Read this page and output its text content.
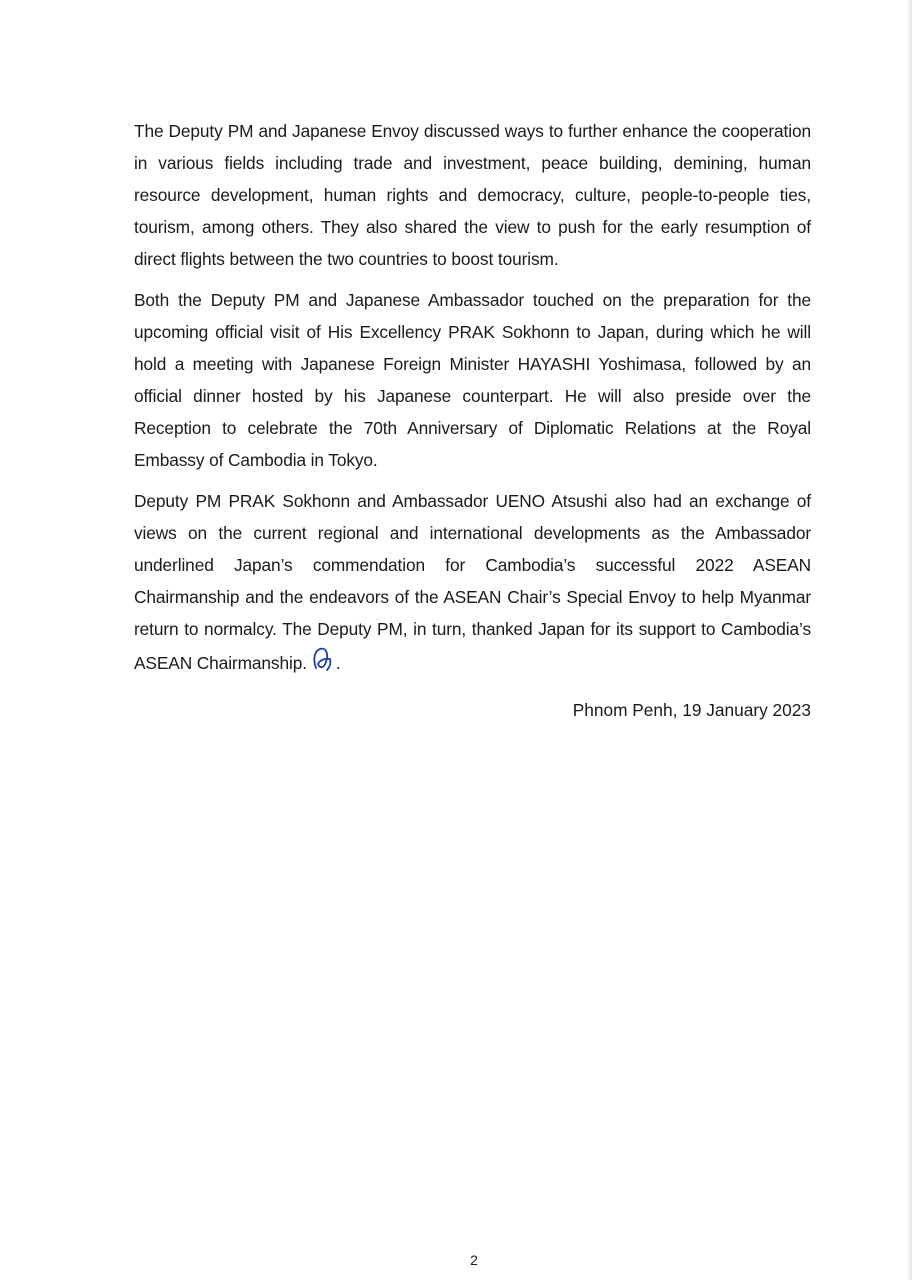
The Deputy PM and Japanese Envoy discussed ways to further enhance the cooperation in various fields including trade and investment, peace building, demining, human resource development, human rights and democracy, culture, people-to-people ties, tourism, among others. They also shared the view to push for the early resumption of direct flights between the two countries to boost tourism.

Both the Deputy PM and Japanese Ambassador touched on the preparation for the upcoming official visit of His Excellency PRAK Sokhonn to Japan, during which he will hold a meeting with Japanese Foreign Minister HAYASHI Yoshimasa, followed by an official dinner hosted by his Japanese counterpart. He will also preside over the Reception to celebrate the 70th Anniversary of Diplomatic Relations at the Royal Embassy of Cambodia in Tokyo.

Deputy PM PRAK Sokhonn and Ambassador UENO Atsushi also had an exchange of views on the current regional and international developments as the Ambassador underlined Japan’s commendation for Cambodia’s successful 2022 ASEAN Chairmanship and the endeavors of the ASEAN Chair’s Special Envoy to help Myanmar return to normalcy. The Deputy PM, in turn, thanked Japan for its support to Cambodia’s ASEAN Chairmanship. .

Phnom Penh, 19 January 2023
2
